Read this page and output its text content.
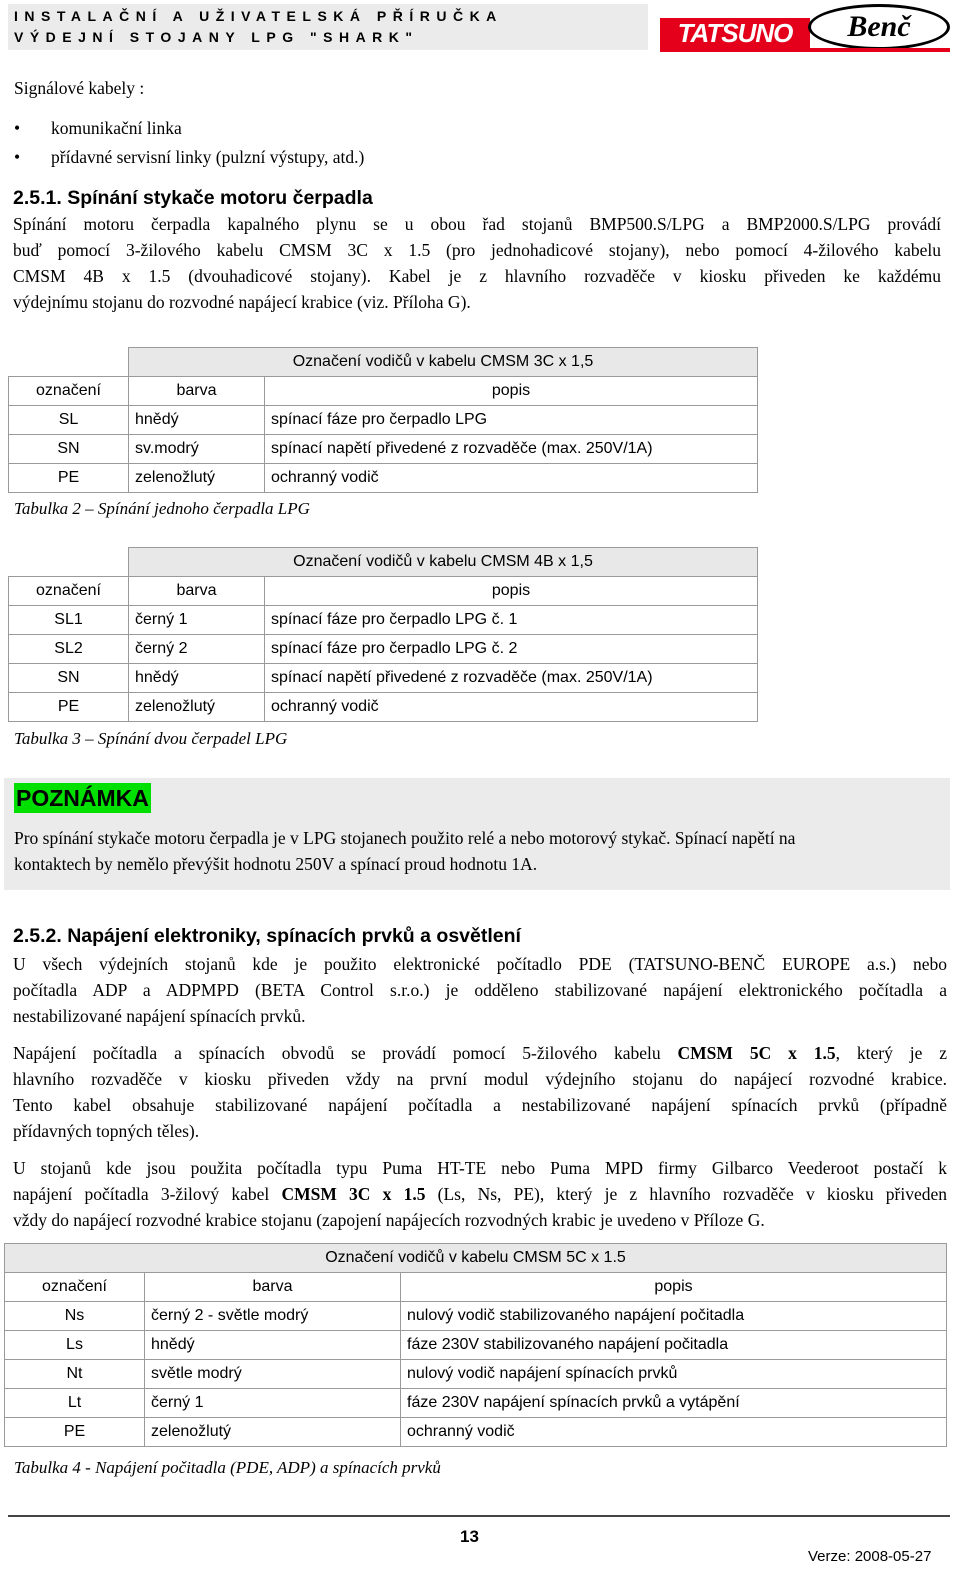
INSTALAČNÍ A UŽIVATELSKÁ PŘÍRUČKA
VÝDEJNÍ STOJANY LPG "SHARK"	TATSUNO	Benč
Signálové kabely :
• komunikační linka
• přídavné servisní linky (pulzní výstupy, atd.)
2.5.1. Spínání stykače motoru čerpadla
Spínání motoru čerpadla kapalného plynu se u obou řad stojanů BMP500.S/LPG a BMP2000.S/LPG provádí
buď pomocí 3-žilového kabelu CMSM 3C x 1.5 (pro jednohadicové stojany), nebo pomocí 4-žilového kabelu
CMSM 4B x 1.5 (dvouhadicové stojany). Kabel je z hlavního rozvaděče v kiosku přiveden ke každému
výdejnímu stojanu do rozvodné napájecí krabice (viz. Příloha G).
	Označení vodičů v kabelu CMSM 3C x 1,5	
označení	barva	popis
SL	hnědý	spínací fáze pro čerpadlo LPG
SN	sv.modrý	spínací napětí přivedené z rozvaděče (max. 250V/1A)
PE	zelenožlutý	ochranný vodič
Tabulka 2 – Spínání jednoho čerpadla LPG
	Označení vodičů v kabelu CMSM 4B x 1,5	
označení	barva	popis
SL1	černý 1	spínací fáze pro čerpadlo LPG č. 1
SL2	černý 2	spínací fáze pro čerpadlo LPG č. 2
SN	hnědý	spínací napětí přivedené z rozvaděče (max. 250V/1A)
PE	zelenožlutý	ochranný vodič
Tabulka 3 – Spínání dvou čerpadel LPG
POZNÁMKA
Pro spínání stykače motoru čerpadla je v LPG stojanech použito relé a nebo motorový stykač. Spínací napětí na
kontaktech by nemělo převýšit hodnotu 250V a spínací proud hodnotu 1A.
2.5.2. Napájení elektroniky, spínacích prvků a osvětlení
U všech výdejních stojanů kde je použito elektronické počítadlo PDE (TATSUNO-BENČ EUROPE a.s.) nebo
počítadla ADP a ADPMPD (BETA Control s.r.o.) je odděleno stabilizované napájení elektronického počítadla a
nestabilizované napájení spínacích prvků.
Napájení počítadla a spínacích obvodů se provádí pomocí 5-žilového kabelu CMSM 5C x 1.5, který je z
hlavního rozvaděče v kiosku přiveden vždy na první modul výdejního stojanu do napájecí rozvodné krabice.
Tento kabel obsahuje stabilizované napájení počítadla a nestabilizované napájení spínacích prvků (případně
přídavných topných těles).
U stojanů kde jsou použita počítadla typu Puma HT-TE nebo Puma MPD firmy Gilbarco Veederoot postačí k
napájení počítadla 3-žilový kabel CMSM 3C x 1.5 (Ls, Ns, PE), který je z hlavního rozvaděče v kiosku přiveden
vždy do napájecí rozvodné krabice stojanu (zapojení napájecích rozvodných krabic je uvedeno v Příloze G.
Označení vodičů v kabelu CMSM 5C x 1.5		
označení	barva	popis
Ns	černý 2 - světle modrý	nulový vodič stabilizovaného napájení počitadla
Ls	hnědý	fáze 230V stabilizovaného napájení počitadla
Nt	světle modrý	nulový vodič napájení spínacích prvků
Lt	černý 1	fáze 230V napájení spínacích prvků a vytápění
PE	zelenožlutý	ochranný vodič
Tabulka 4 - Napájení počitadla (PDE, ADP) a spínacích prvků
13
Verze: 2008-05-27
